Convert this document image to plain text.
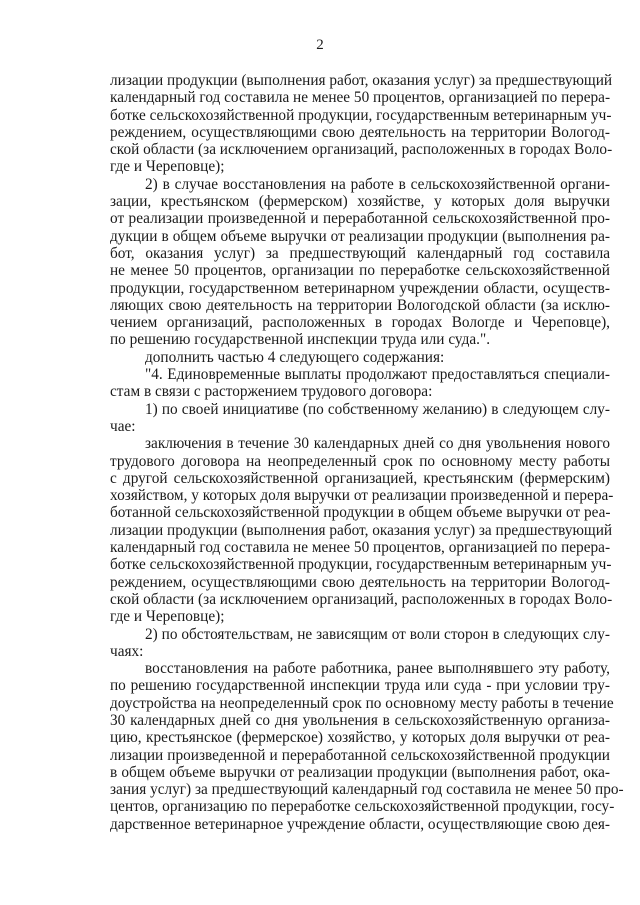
2
лизации продукции (выполнения работ, оказания услуг) за предшествующий
календарный год составила не менее 50 процентов, организацией по перера-
ботке сельскохозяйственной продукции, государственным ветеринарным уч-
реждением, осуществляющими свою деятельность на территории Вологод-
ской области (за исключением организаций, расположенных в городах Воло-
где и Череповце);
2) в случае восстановления на работе в сельскохозяйственной органи-
зации, крестьянском (фермерском) хозяйстве, у которых доля выручки
от реализации произведенной и переработанной сельскохозяйственной про-
дукции в общем объеме выручки от реализации продукции (выполнения ра-
бот, оказания услуг) за предшествующий календарный год составила
не менее 50 процентов, организации по переработке сельскохозяйственной
продукции, государственном ветеринарном учреждении области, осуществ-
ляющих свою деятельность на территории Вологодской области (за исклю-
чением организаций, расположенных в городах Вологде и Череповце),
по решению государственной инспекции труда или суда.".
дополнить частью 4 следующего содержания:
"4. Единовременные выплаты продолжают предоставляться специали-
стам в связи с расторжением трудового договора:
1) по своей инициативе (по собственному желанию) в следующем слу-
чае:
заключения в течение 30 календарных дней со дня увольнения нового
трудового договора на неопределенный срок по основному месту работы
с другой сельскохозяйственной организацией, крестьянским (фермерским)
хозяйством, у которых доля выручки от реализации произведенной и перера-
ботанной сельскохозяйственной продукции в общем объеме выручки от реа-
лизации продукции (выполнения работ, оказания услуг) за предшествующий
календарный год составила не менее 50 процентов, организацией по перера-
ботке сельскохозяйственной продукции, государственным ветеринарным уч-
реждением, осуществляющими свою деятельность на территории Вологод-
ской области (за исключением организаций, расположенных в городах Воло-
где и Череповце);
2) по обстоятельствам, не зависящим от воли сторон в следующих слу-
чаях:
восстановления на работе работника, ранее выполнявшего эту работу,
по решению государственной инспекции труда или суда - при условии тру-
доустройства на неопределенный срок по основному месту работы в течение
30 календарных дней со дня увольнения в сельскохозяйственную организа-
цию, крестьянское (фермерское) хозяйство, у которых доля выручки от реа-
лизации произведенной и переработанной сельскохозяйственной продукции
в общем объеме выручки от реализации продукции (выполнения работ, ока-
зания услуг) за предшествующий календарный год составила не менее 50 про-
центов, организацию по переработке сельскохозяйственной продукции, госу-
дарственное ветеринарное учреждение области, осуществляющие свою дея-
